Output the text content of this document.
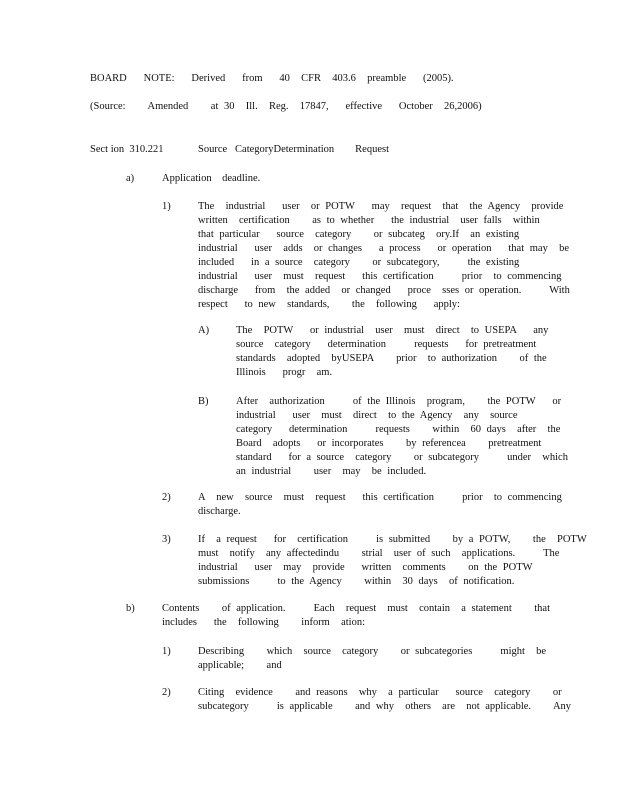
BOARD   NOTE:   Derived   from   40  CFR  403.6  preamble   (2005).

(Source:    Amended    at 30  Ill.  Reg.  17847,   effective   October  26,2006)

Sect ion  310.221	Source   CategoryDetermination        Request
a)	Application    deadline.
1)	The  industrial   user  or POTW   may  request  that  the Agency  provide
written  certification    as to whether   the industrial  user falls  within
that particular   source  category    or subcateg  ory.If  an existing
industrial   user  adds  or changes   a process   or operation   that may  be
included   in a source  category    or subcategory,     the existing
industrial   user  must  request   this certification     prior  to commencing
discharge   from  the added  or changed   proce  sses or operation.     With
respect   to new  standards,    the  following   apply:
A)	The  POTW   or industrial  user  must  direct  to USEPA   any
source  category   determination     requests   for pretreatment
standards  adopted  byUSEPA    prior  to authorization    of the
Illinois   progr  am.
B)	After  authorization     of the Illinois  program,    the POTW   or
industrial   user  must  direct  to the Agency  any  source
category   determination     requests    within  60 days  after  the
Board  adopts   or incorporates    by referencea    pretreatment
standard   for a source  category    or subcategory     under  which
an industrial    user  may  be included.
2)	A  new  source  must  request   this certification     prior  to commencing
discharge.
3)	If  a request   for  certification     is submitted    by a POTW,    the  POTW
must  notify  any affectedindu    strial  user of such  applications.     The
industrial   user  may  provide   written  comments    on the POTW
submissions     to the Agency    within  30 days  of notification.
b)	Contents    of application.     Each  request  must  contain  a statement    that
includes   the  following    inform  ation:
1)	Describing    which  source  category    or subcategories     might  be
applicable;    and
2)	Citing  evidence    and reasons  why  a particular   source  category    or
subcategory     is applicable    and why  others  are  not applicable.    Any
